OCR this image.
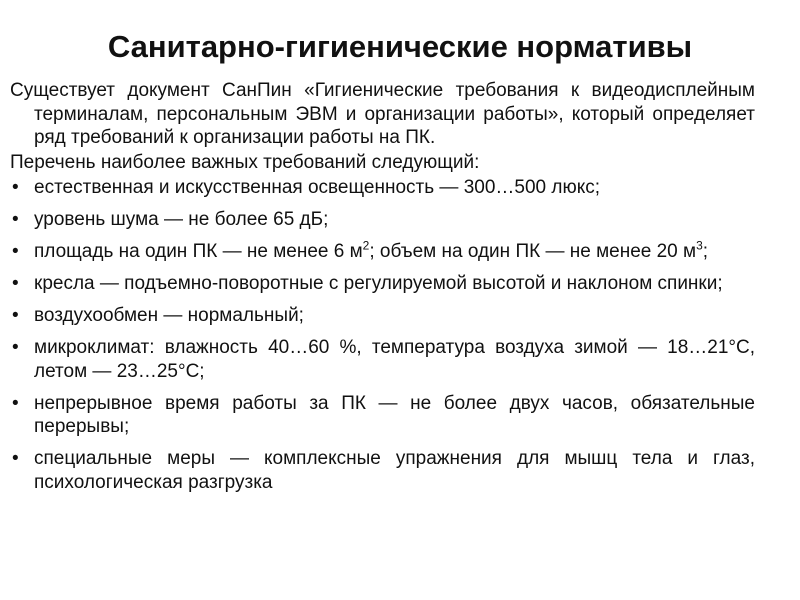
Санитарно-гигиенические нормативы

Существует документ СанПин «Гигиенические требования к видеодисплейным терминалам, персональным ЭВМ и организации работы», который определяет ряд требований к организации работы на ПК.

Перечень наиболее важных требований следующий:

• естественная и искусственная освещенность — 300…500 люкс;
• уровень шума — не более 65 дБ;
• площадь на один ПК — не менее 6 $м^2$; объем на один ПК — не менее 20 $м^3$;
• кресла — подъемно-поворотные с регулируемой высотой и наклоном спинки;
• воздухообмен — нормальный;
• микроклимат: влажность 40…60 %, температура воздуха зимой — 18…21°С, летом — 23…25°С;
• непрерывное время работы за ПК — не более двух часов, обязательные перерывы;
• специальные меры — комплексные упражнения для мышц тела и глаз, психологическая разгрузка
